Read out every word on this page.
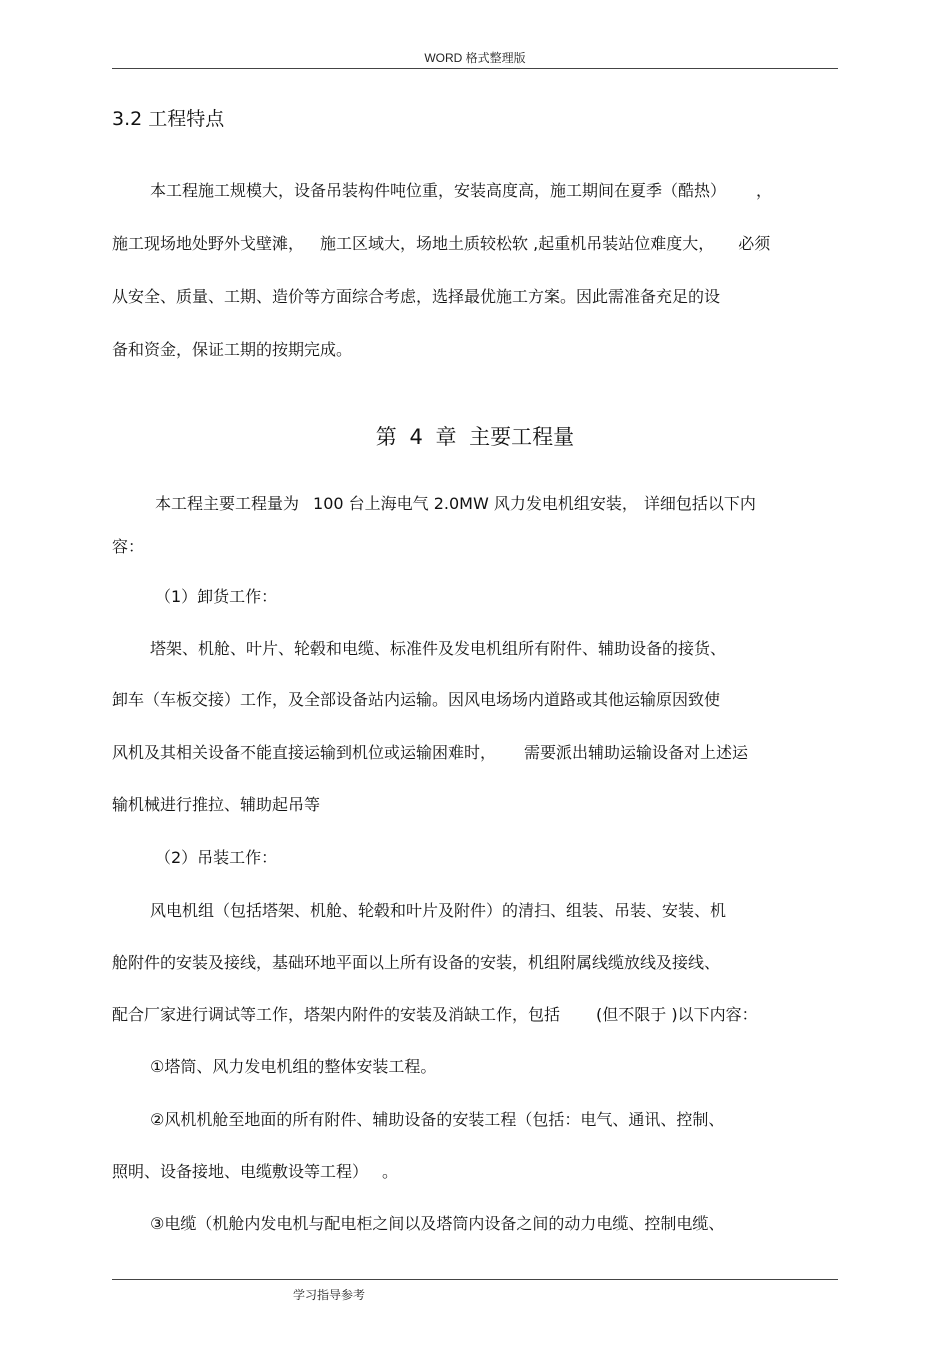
WORD 格式整理版
3.2 工程特点
本工程施工规模大，设备吊装构件吨位重，安装高度高，施工期间在夏季（酷热） ，
施工现场地处野外戈壁滩， 施工区域大，场地土质较松软 ,起重机吊装站位难度大， 必须
从安全、质量、工期、造价等方面综合考虑，选择最优施工方案。因此需准备充足的设
备和资金，保证工期的按期完成。
第 4 章 主要工程量
本工程主要工程量为 100 台上海电气 2.0MW 风力发电机组安装， 详细包括以下内
容：
（1）卸货工作：
塔架、机舱、叶片、轮毂和电缆、标准件及发电机组所有附件、辅助设备的接货、
卸车（车板交接）工作，及全部设备站内运输。因风电场场内道路或其他运输原因致使
风机及其相关设备不能直接运输到机位或运输困难时， 需要派出辅助运输设备对上述运
输机械进行推拉、辅助起吊等
（2）吊装工作：
风电机组（包括塔架、机舱、轮毂和叶片及附件）的清扫、组装、吊装、安装、机
舱附件的安装及接线，基础环地平面以上所有设备的安装，机组附属线缆放线及接线、
配合厂家进行调试等工作，塔架内附件的安装及消缺工作，包括 (但不限于 )以下内容：
①塔筒、风力发电机组的整体安装工程。
②风机机舱至地面的所有附件、辅助设备的安装工程（包括：电气、通讯、控制、
照明、设备接地、电缆敷设等工程） 。
③电缆（机舱内发电机与配电柜之间以及塔筒内设备之间的动力电缆、控制电缆、
学习指导参考
